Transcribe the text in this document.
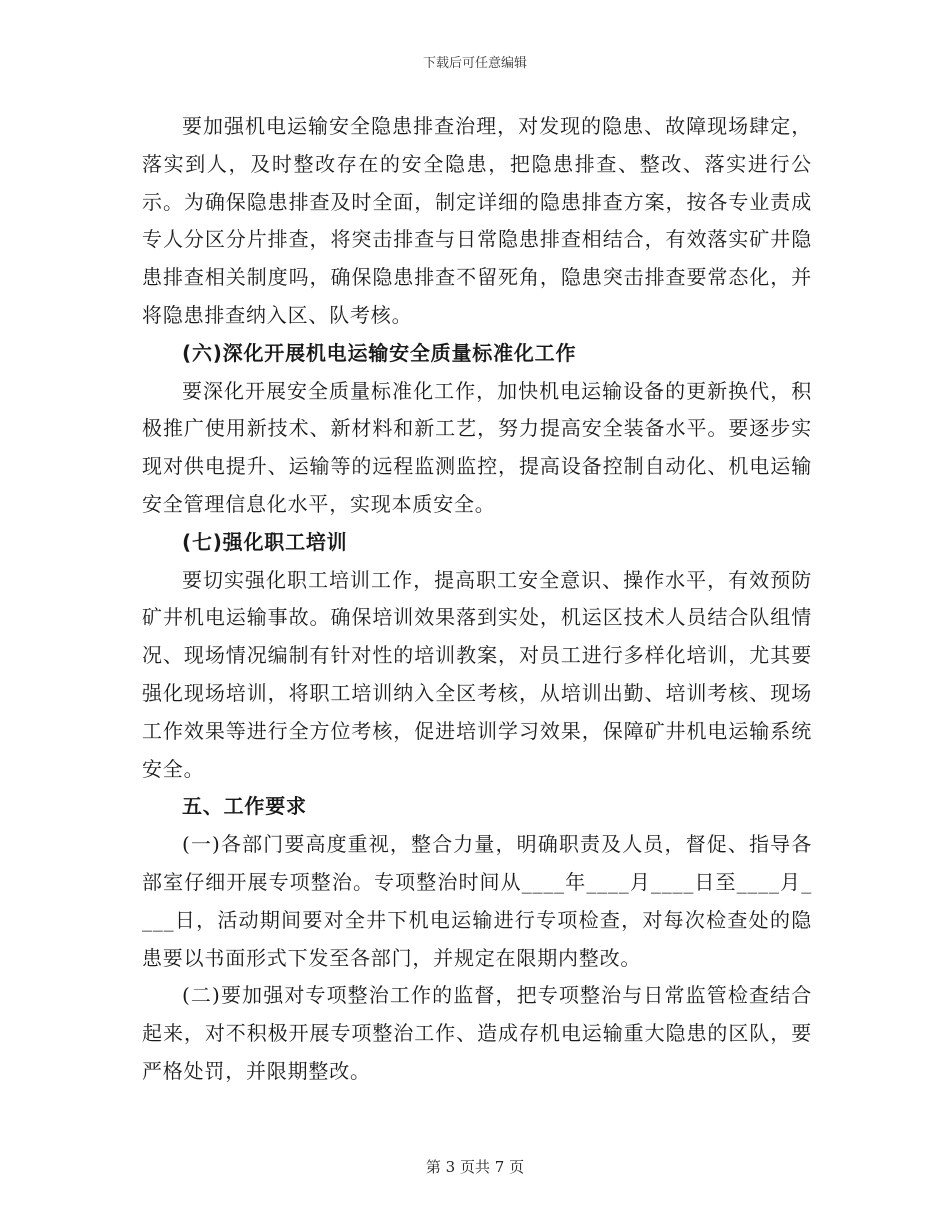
下载后可任意编辑

要加强机电运输安全隐患排查治理，对发现的隐患、故障现场肆定，落实到人，及时整改存在的安全隐患，把隐患排查、整改、落实进行公示。为确保隐患排查及时全面，制定详细的隐患排查方案，按各专业责成专人分区分片排查，将突击排查与日常隐患排查相结合，有效落实矿井隐患排查相关制度吗，确保隐患排查不留死角，隐患突击排查要常态化，并将隐患排查纳入区、队考核。

(六)深化开展机电运输安全质量标准化工作

要深化开展安全质量标准化工作，加快机电运输设备的更新换代，积极推广使用新技术、新材料和新工艺，努力提高安全装备水平。要逐步实现对供电提升、运输等的远程监测监控，提高设备控制自动化、机电运输安全管理信息化水平，实现本质安全。

(七)强化职工培训

要切实强化职工培训工作，提高职工安全意识、操作水平，有效预防矿井机电运输事故。确保培训效果落到实处，机运区技术人员结合队组情况、现场情况编制有针对性的培训教案，对员工进行多样化培训，尤其要强化现场培训，将职工培训纳入全区考核，从培训出勤、培训考核、现场工作效果等进行全方位考核，促进培训学习效果，保障矿井机电运输系统安全。

五、工作要求

(一)各部门要高度重视，整合力量，明确职责及人员，督促、指导各部室仔细开展专项整治。专项整治时间从____年____月____日至____月____日，活动期间要对全井下机电运输进行专项检查，对每次检查处的隐患要以书面形式下发至各部门，并规定在限期内整改。

(二)要加强对专项整治工作的监督，把专项整治与日常监管检查结合起来，对不积极开展专项整治工作、造成存机电运输重大隐患的区队，要严格处罚，并限期整改。

第 3 页共 7 页
